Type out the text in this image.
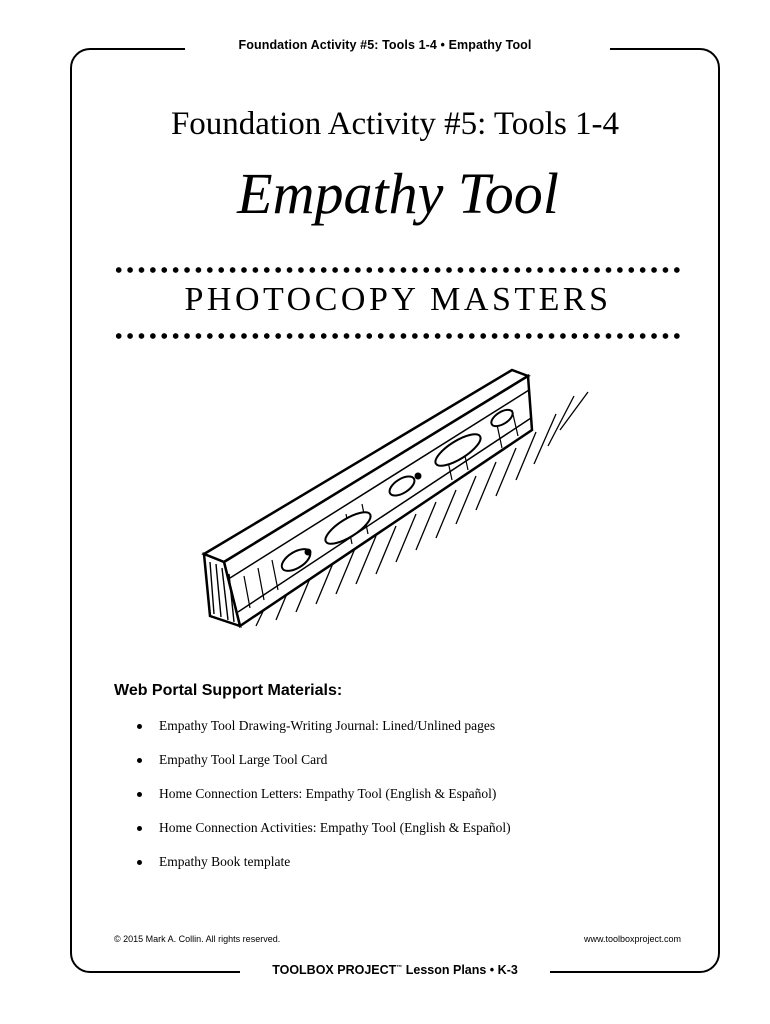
Foundation Activity #5: Tools 1-4 • Empathy Tool
Foundation Activity #5: Tools 1-4
Empathy Tool
PHOTOCOPY MASTERS
Web Portal Support Materials:
Empathy Tool Drawing-Writing Journal: Lined/Unlined pages
Empathy Tool Large Tool Card
Home Connection Letters: Empathy Tool (English & Español)
Home Connection Activities: Empathy Tool (English & Español)
Empathy Book template
© 2015 Mark A. Collin. All rights reserved.	www.toolboxproject.com
TOOLBOX PROJECT™ Lesson Plans • K-3
